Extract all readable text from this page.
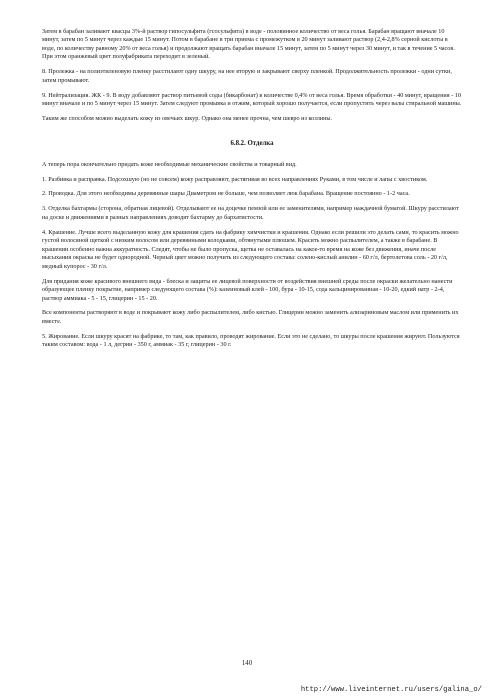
Затем в барабан заливают квасцы 3%-й раствор гипосульфита (гсосульфита) в воде - половинное количество от веса голья. Барабан вращают вначале 10 минут, затем по 5 минут через каждые 15 минут. Потом в барабане в три приема с промежутком в 20 минут заливают раствор (2,4-2,8% серной кислоты в воде, по количеству равному 20% от веса голья) и продолжают вращать барабан вначале 15 минут, затем по 5 минут через 30 минут, и так в течение 5 часов. При этом оранжевый цвет полуфабриката переходит в зеленый.

8. Пролежка - на полиэтиленовую пленку расстилают одну шкуру, на нее вторую и закрывают сверху пленкой. Продолжительность пролежки - одни сутки, затем промывают.

9. Нейтрализация. ЖК - 9. В воду добавляют раствор питьевой соды (бикарбонат) в количестве 0,4% от веса голья. Время обработки - 40 минут, вращения - 10 минут вначале и по 5 минут через 15 минут. Затем следуют промывка и отжим, который хорошо получается, если пропустить через валы стиральной машины.

Таким же способом можно выделать кожу из овечьих шкур. Однако она менее прочна, чем шевро из козлины.

6.8.2. Отделка

А теперь пора окончательно придать коже необходимые механические свойства и товарный вид.

1. Разбивка и расправка. Подсохшую (но не совсем) кожу расправляют, растягивая во всех направлениях Руками, в том числе и лапы с хвостиком.

2. Проводка. Для этого необходимы деревянные шары Диаметром не больше, чем позволяет люк барабана. Вращение постоянно - 1-2 часа.

3. Отделка бахтармы (сторона, обратная лицевой). Отделывают ее на доцечке пемзой или ее заменителями, например наждачной бумагой. Шкуру расстилают на доске и движениями в разных направлениях доводят бахтарму до бархатистости.

4. Крашение. Лучше всего выделанную кожу для крашения сдать на фабрику химчистки и крашения. Однако если решили это делать сами, то красить можно густой волосяной щеткой с низким волосом или деревянными колодками, обтянутыми плюшем. Красить можно распылителем, а также в барабане. В крашении особенно важна аккуратность. Следят, чтобы не было пропуска, щетка не оставалась на какое-то время на коже без движения, иначе после высыхания окраска не будет однородной. Черный цвет можно получить из следующего состава: солено-кислый анилин - 60 г/л, бертолетова соль - 20 г/л, медный купорос - 30 г/л.

Для придания коже красивого внешнего вида - блеска и защиты ее лицевой поверхности от воздействия внешней среды после окраски желательно нанести образующее пленку покрытие, например следующего состава (%): казеиновый клей - 100, бура - 10-15, сода кальцинированная - 10-20, едкий натр - 2-4, раствор аммиака - 5 - 15, глицерин - 15 - 20.

Все компоненты растворяют в воде и покрывают кожу либо распылителем, либо кистью. Глицерин можно заменить ализариновым маслом или применить их вместе.

5. Жирование. Если шкуру красят на фабрике, то там, как правило, проводят жирование. Если это не сделано, то шкуры после крашения жируют. Пользуются таким составом: вода - 1 л, дегрин - 350 г, аммиак - 35 г, глицерин - 30 г.

140
http://www.liveinternet.ru/users/galina_o/
